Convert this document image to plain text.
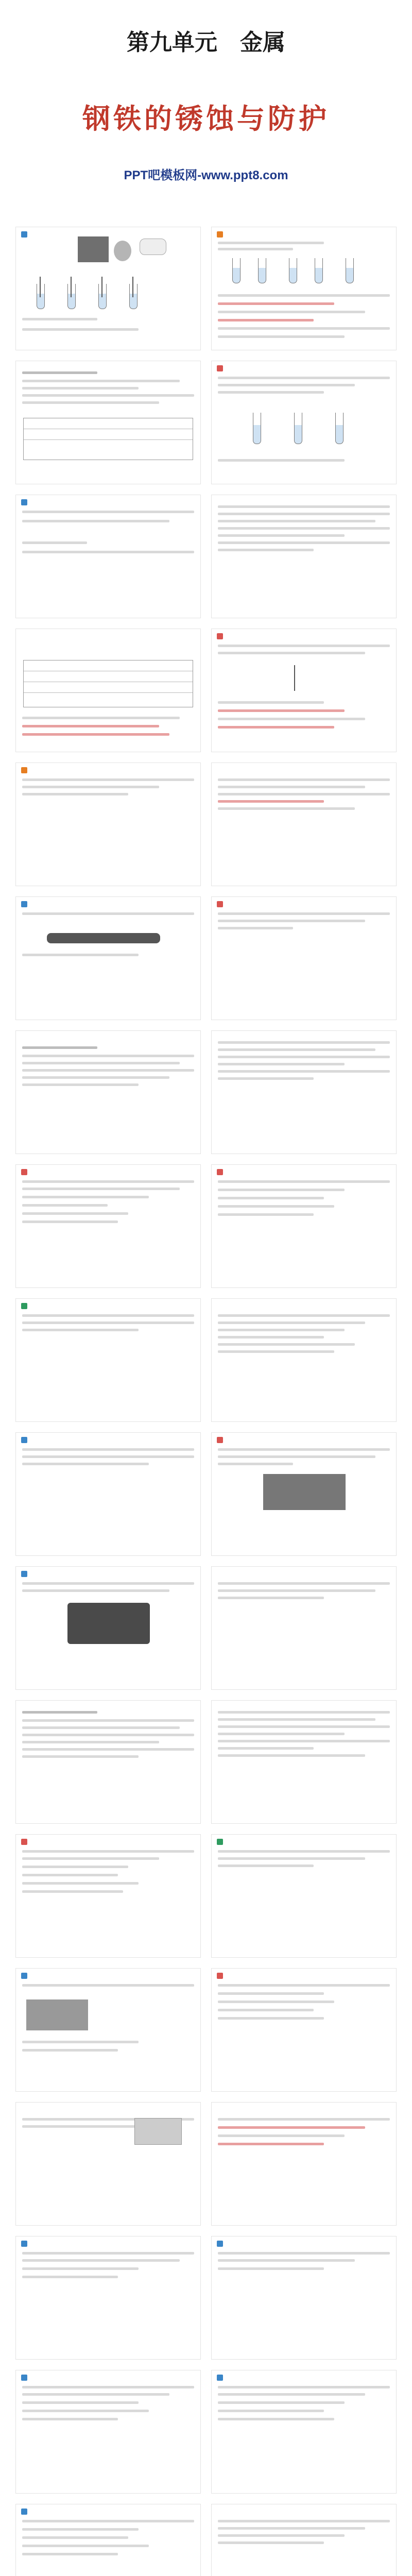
第九单元　金属
钢铁的锈蚀与防护
PPT吧模板网-www.ppt8.com
